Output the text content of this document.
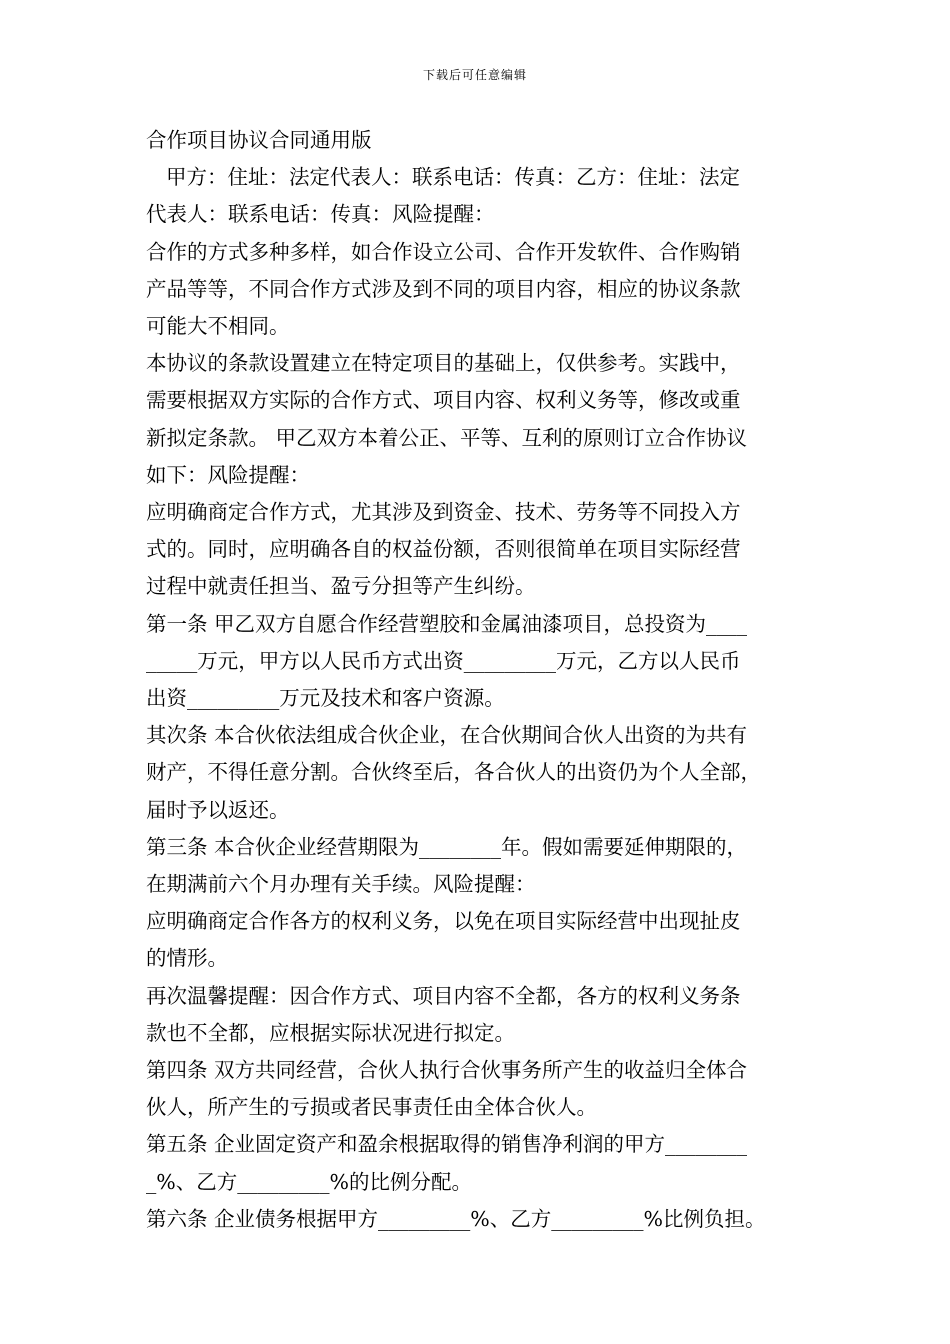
下载后可任意编辑
合作项目协议合同通用版
甲方：住址：法定代表人：联系电话：传真：乙方：住址：法定
代表人：联系电话：传真：风险提醒：
合作的方式多种多样，如合作设立公司、合作开发软件、合作购销
产品等等，不同合作方式涉及到不同的项目内容，相应的协议条款
可能大不相同。
本协议的条款设置建立在特定项目的基础上，仅供参考。实践中，
需要根据双方实际的合作方式、项目内容、权利义务等，修改或重
新拟定条款。 甲乙双方本着公正、平等、互利的原则订立合作协议
如下：风险提醒：
应明确商定合作方式，尤其涉及到资金、技术、劳务等不同投入方
式的。同时，应明确各自的权益份额，否则很简单在项目实际经营
过程中就责任担当、盈亏分担等产生纠纷。
第一条 甲乙双方自愿合作经营塑胶和金属油漆项目，总投资为____
_____万元，甲方以人民币方式出资_________万元，乙方以人民币
出资_________万元及技术和客户资源。
其次条 本合伙依法组成合伙企业，在合伙期间合伙人出资的为共有
财产，不得任意分割。合伙终至后，各合伙人的出资仍为个人全部，
届时予以返还。
第三条 本合伙企业经营期限为________年。假如需要延伸期限的，
在期满前六个月办理有关手续。风险提醒：
应明确商定合作各方的权利义务，以免在项目实际经营中出现扯皮
的情形。
再次温馨提醒：因合作方式、项目内容不全都，各方的权利义务条
款也不全都，应根据实际状况进行拟定。
第四条 双方共同经营，合伙人执行合伙事务所产生的收益归全体合
伙人，所产生的亏损或者民事责任由全体合伙人。
第五条 企业固定资产和盈余根据取得的销售净利润的甲方________
_%、乙方_________%的比例分配。
第六条 企业债务根据甲方_________%、乙方_________%比例负担。
